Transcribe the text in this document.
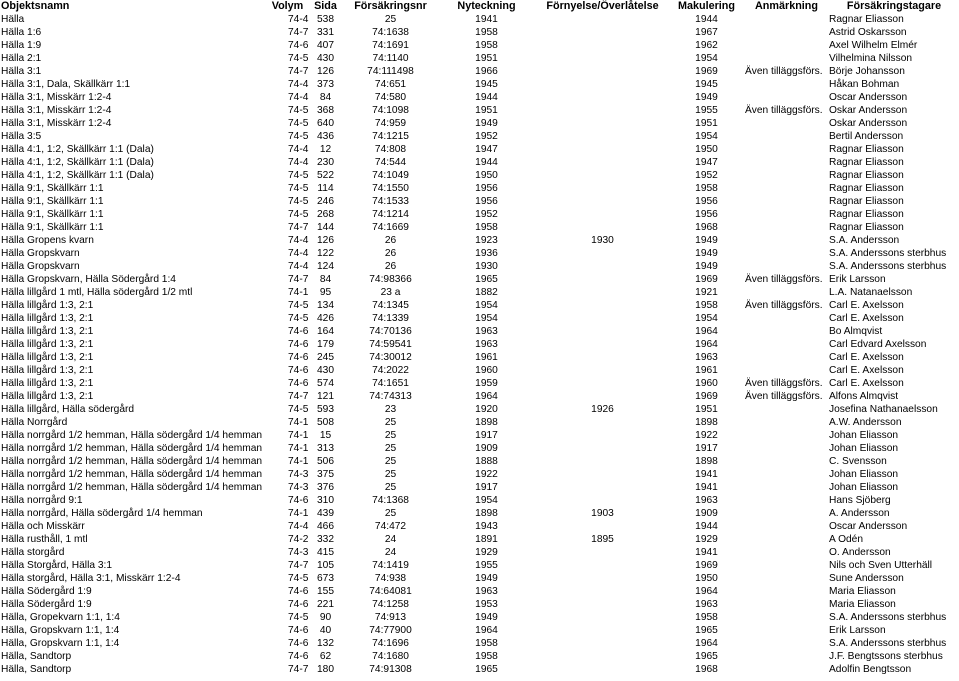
Objektsnamn	Volym	Sida	Försäkringsnr	Nyteckning	Förnyelse/Överlåtelse	Makulering	Anmärkning	Försäkringstagare
Hälla	74-4	538	25	1941		1944		Ragnar Eliasson
Hälla 1:6	74-7	331	74:1638	1958		1967		Astrid Oskarsson
Hälla 1:9	74-6	407	74:1691	1958		1962		Axel Wilhelm Elmér
Hälla 2:1	74-5	430	74:1140	1951		1954		Vilhelmina Nilsson
Hälla 3:1	74-7	126	74:111498	1966		1969	Även tilläggsförs.	Börje Johansson
Hälla 3:1, Dala, Skällkärr 1:1	74-4	373	74:651	1945		1945		Håkan Bohman
Hälla 3:1, Misskärr 1:2-4	74-4	84	74:580	1944		1949		Oscar Andersson
Hälla 3:1, Misskärr 1:2-4	74-5	368	74:1098	1951		1955	Även tilläggsförs.	Oskar Andersson
Hälla 3:1, Misskärr 1:2-4	74-5	640	74:959	1949		1951		Oskar Andersson
Hälla 3:5	74-5	436	74:1215	1952		1954		Bertil Andersson
Hälla 4:1, 1:2, Skällkärr 1:1 (Dala)	74-4	12	74:808	1947		1950		Ragnar Eliasson
Hälla 4:1, 1:2, Skällkärr 1:1 (Dala)	74-4	230	74:544	1944		1947		Ragnar Eliasson
Hälla 4:1, 1:2, Skällkärr 1:1 (Dala)	74-5	522	74:1049	1950		1952		Ragnar Eliasson
Hälla 9:1, Skällkärr 1:1	74-5	114	74:1550	1956		1958		Ragnar Eliasson
Hälla 9:1, Skällkärr 1:1	74-5	246	74:1533	1956		1956		Ragnar Eliasson
Hälla 9:1, Skällkärr 1:1	74-5	268	74:1214	1952		1956		Ragnar Eliasson
Hälla 9:1, Skällkärr 1:1	74-7	144	74:1669	1958		1968		Ragnar Eliasson
Hälla Gropens kvarn	74-4	126	26	1923	1930	1949		S.A. Andersson
Hälla Gropskvarn	74-4	122	26	1936		1949		S.A. Anderssons sterbhus
Hälla Gropskvarn	74-4	124	26	1930		1949		S.A. Anderssons sterbhus
Hälla Gropskvarn, Hälla Södergård 1:4	74-7	84	74:98366	1965		1969	Även tilläggsförs.	Erik Larsson
Hälla lillgård 1 mtl, Hälla södergård 1/2 mtl	74-1	95	23 a	1882		1921		L.A. Natanaelsson
Hälla lillgård 1:3, 2:1	74-5	134	74:1345	1954		1958	Även tilläggsförs.	Carl E. Axelsson
Hälla lillgård 1:3, 2:1	74-5	426	74:1339	1954		1954		Carl E. Axelsson
Hälla lillgård 1:3, 2:1	74-6	164	74:70136	1963		1964		Bo Almqvist
Hälla lillgård 1:3, 2:1	74-6	179	74:59541	1963		1964		Carl Edvard Axelsson
Hälla lillgård 1:3, 2:1	74-6	245	74:30012	1961		1963		Carl E. Axelsson
Hälla lillgård 1:3, 2:1	74-6	430	74:2022	1960		1961		Carl E. Axelsson
Hälla lillgård 1:3, 2:1	74-6	574	74:1651	1959		1960	Även tilläggsförs.	Carl E. Axelsson
Hälla lillgård 1:3, 2:1	74-7	121	74:74313	1964		1969	Även tilläggsförs.	Alfons Almqvist
Hälla lillgård, Hälla södergård	74-5	593	23	1920	1926	1951		Josefina Nathanaelsson
Hälla Norrgård	74-1	508	25	1898		1898		A.W. Andersson
Hälla norrgård 1/2 hemman, Hälla södergård 1/4 hemman	74-1	15	25	1917		1922		Johan Eliasson
Hälla norrgård 1/2 hemman, Hälla södergård 1/4 hemman	74-1	313	25	1909		1917		Johan Eliasson
Hälla norrgård 1/2 hemman, Hälla södergård 1/4 hemman	74-1	506	25	1888		1898		C. Svensson
Hälla norrgård 1/2 hemman, Hälla södergård 1/4 hemman	74-3	375	25	1922		1941		Johan Eliasson
Hälla norrgård 1/2 hemman, Hälla södergård 1/4 hemman	74-3	376	25	1917		1941		Johan Eliasson
Hälla norrgård 9:1	74-6	310	74:1368	1954		1963		Hans Sjöberg
Hälla norrgård, Hälla södergård 1/4 hemman	74-1	439	25	1898	1903	1909		A. Andersson
Hälla och Misskärr	74-4	466	74:472	1943		1944		Oscar Andersson
Hälla rusthåll, 1 mtl	74-2	332	24	1891	1895	1929		A Odén
Hälla storgård	74-3	415	24	1929		1941		O. Andersson
Hälla Storgård, Hälla 3:1	74-7	105	74:1419	1955		1969		Nils och Sven Utterhäll
Hälla storgård, Hälla 3:1, Misskärr 1:2-4	74-5	673	74:938	1949		1950		Sune Andersson
Hälla Södergård 1:9	74-6	155	74:64081	1963		1964		Maria Eliasson
Hälla Södergård 1:9	74-6	221	74:1258	1953		1963		Maria Eliasson
Hälla, Gropekvarn 1:1, 1:4	74-5	90	74:913	1949		1958		S.A. Anderssons sterbhus
Hälla, Gropskvarn 1:1, 1:4	74-6	40	74:77900	1964		1965		Erik Larsson
Hälla, Gropskvarn 1:1, 1:4	74-6	132	74:1696	1958		1964		S.A. Anderssons sterbhus
Hälla, Sandtorp	74-6	62	74:1680	1958		1965		J.F. Bengtssons sterbhus
Hälla, Sandtorp	74-7	180	74:91308	1965		1968		Adolfin Bengtsson
